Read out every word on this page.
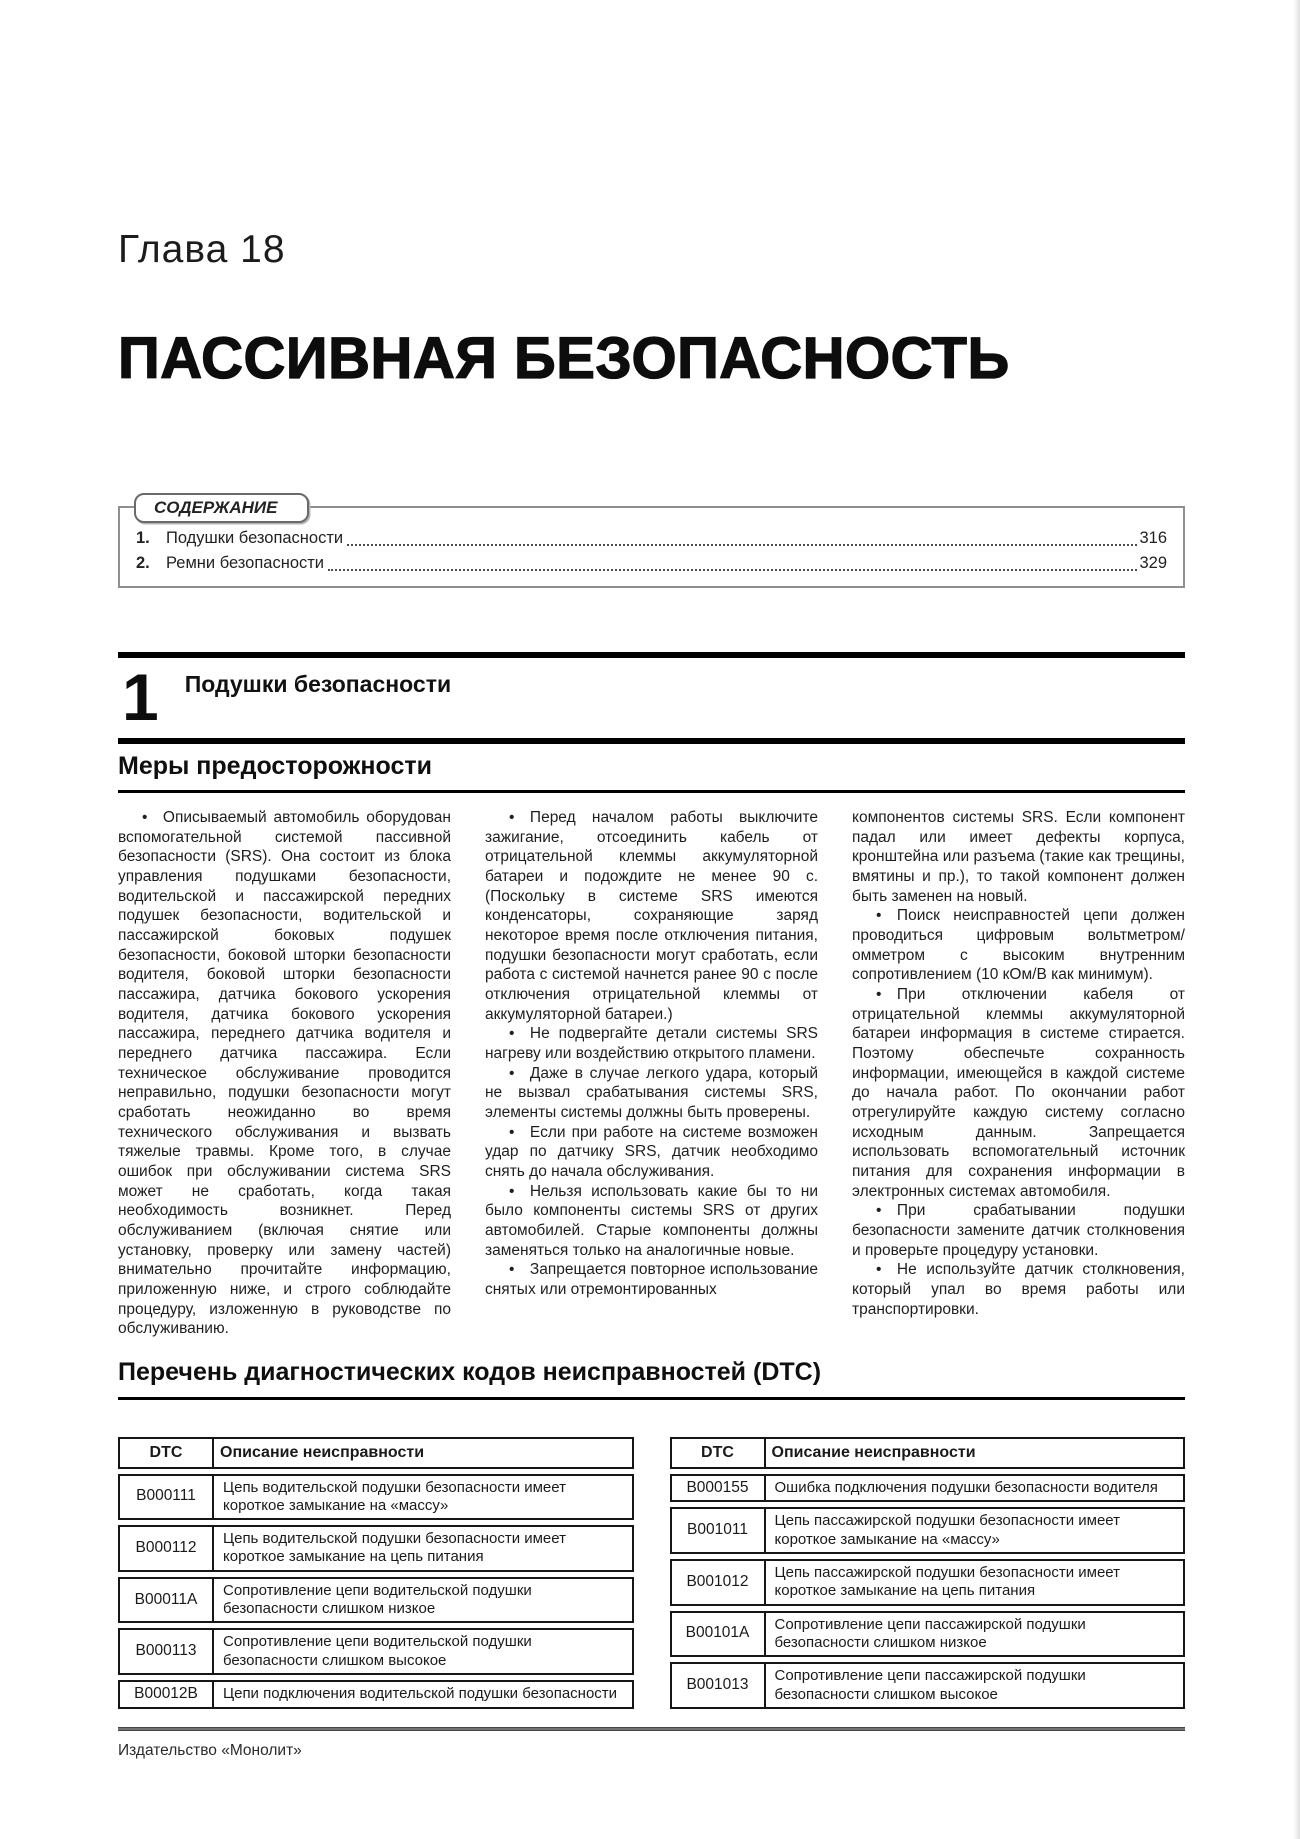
Глава 18
ПАССИВНАЯ БЕЗОПАСНОСТЬ
СОДЕРЖАНИЕ
1. Подушки безопасности	316
2. Ремни безопасности	329
1 Подушки безопасности
Меры предосторожности

• Описываемый автомобиль оборудован вспомогательной системой пассивной безопасности (SRS). Она состоит из блока управления подушками безопасности, водительской и пассажирской передних подушек безопасности, водительской и пассажирской боковых подушек безопасности, боковой шторки безопасности водителя, боковой шторки безопасности пассажира, датчика бокового ускорения водителя, датчика бокового ускорения пассажира, переднего датчика водителя и переднего датчика пассажира. Если техническое обслуживание проводится неправильно, подушки безопасности могут сработать неожиданно во время технического обслуживания и вызвать тяжелые травмы. Кроме того, в случае ошибок при обслуживании система SRS может не сработать, когда такая необходимость возникнет. Перед обслуживанием (включая снятие или установку, проверку или замену частей) внимательно прочитайте информацию, приложенную ниже, и строго соблюдайте процедуру, изложенную в руководстве по обслуживанию.

• Перед началом работы выключите зажигание, отсоединить кабель от отрицательной клеммы аккумуляторной батареи и подождите не менее 90 с. (Поскольку в системе SRS имеются конденсаторы, сохраняющие заряд некоторое время после отключения питания, подушки безопасности могут сработать, если работа с системой начнется ранее 90 с после отключения отрицательной клеммы от аккумуляторной батареи.)

• Не подвергайте детали системы SRS нагреву или воздействию открытого пламени.

• Даже в случае легкого удара, который не вызвал срабатывания системы SRS, элементы системы должны быть проверены.

• Если при работе на системе возможен удар по датчику SRS, датчик необходимо снять до начала обслуживания.

• Нельзя использовать какие бы то ни было компоненты системы SRS от других автомобилей. Старые компоненты должны заменяться только на аналогичные новые.

• Запрещается повторное использование снятых или отремонтированных

компонентов системы SRS. Если компонент падал или имеет дефекты корпуса, кронштейна или разъема (такие как трещины, вмятины и пр.), то такой компонент должен быть заменен на новый.

• Поиск неисправностей цепи должен проводиться цифровым вольтметром/омметром с высоким внутренним сопротивлением (10 кОм/В как минимум).

• При отключении кабеля от отрицательной клеммы аккумуляторной батареи информация в системе стирается. Поэтому обеспечьте сохранность информации, имеющейся в каждой системе до начала работ. По окончании работ отрегулируйте каждую систему согласно исходным данным. Запрещается использовать вспомогательный источник питания для сохранения информации в электронных системах автомобиля.

• При срабатывании подушки безопасности замените датчик столкновения и проверьте процедуру установки.

• Не используйте датчик столкновения, который упал во время работы или транспортировки.

Перечень диагностических кодов неисправностей (DTC)
DTC	Описание неисправности
B000111	Цепь водительской подушки безопасности имеет короткое замыкание на «массу»
B000112	Цепь водительской подушки безопасности имеет короткое замыкание на цепь питания
B00011A	Сопротивление цепи водительской подушки безопасности слишком низкое
B000113	Сопротивление цепи водительской подушки безопасности слишком высокое
B00012B	Цепи подключения водительской подушки безопасности
DTC	Описание неисправности
B000155	Ошибка подключения подушки безопасности водителя
B001011	Цепь пассажирской подушки безопасности имеет короткое замыкание на «массу»
B001012	Цепь пассажирской подушки безопасности имеет короткое замыкание на цепь питания
B00101A	Сопротивление цепи пассажирской подушки безопасности слишком низкое
B001013	Сопротивление цепи пассажирской подушки безопасности слишком высокое
Издательство «Монолит»
